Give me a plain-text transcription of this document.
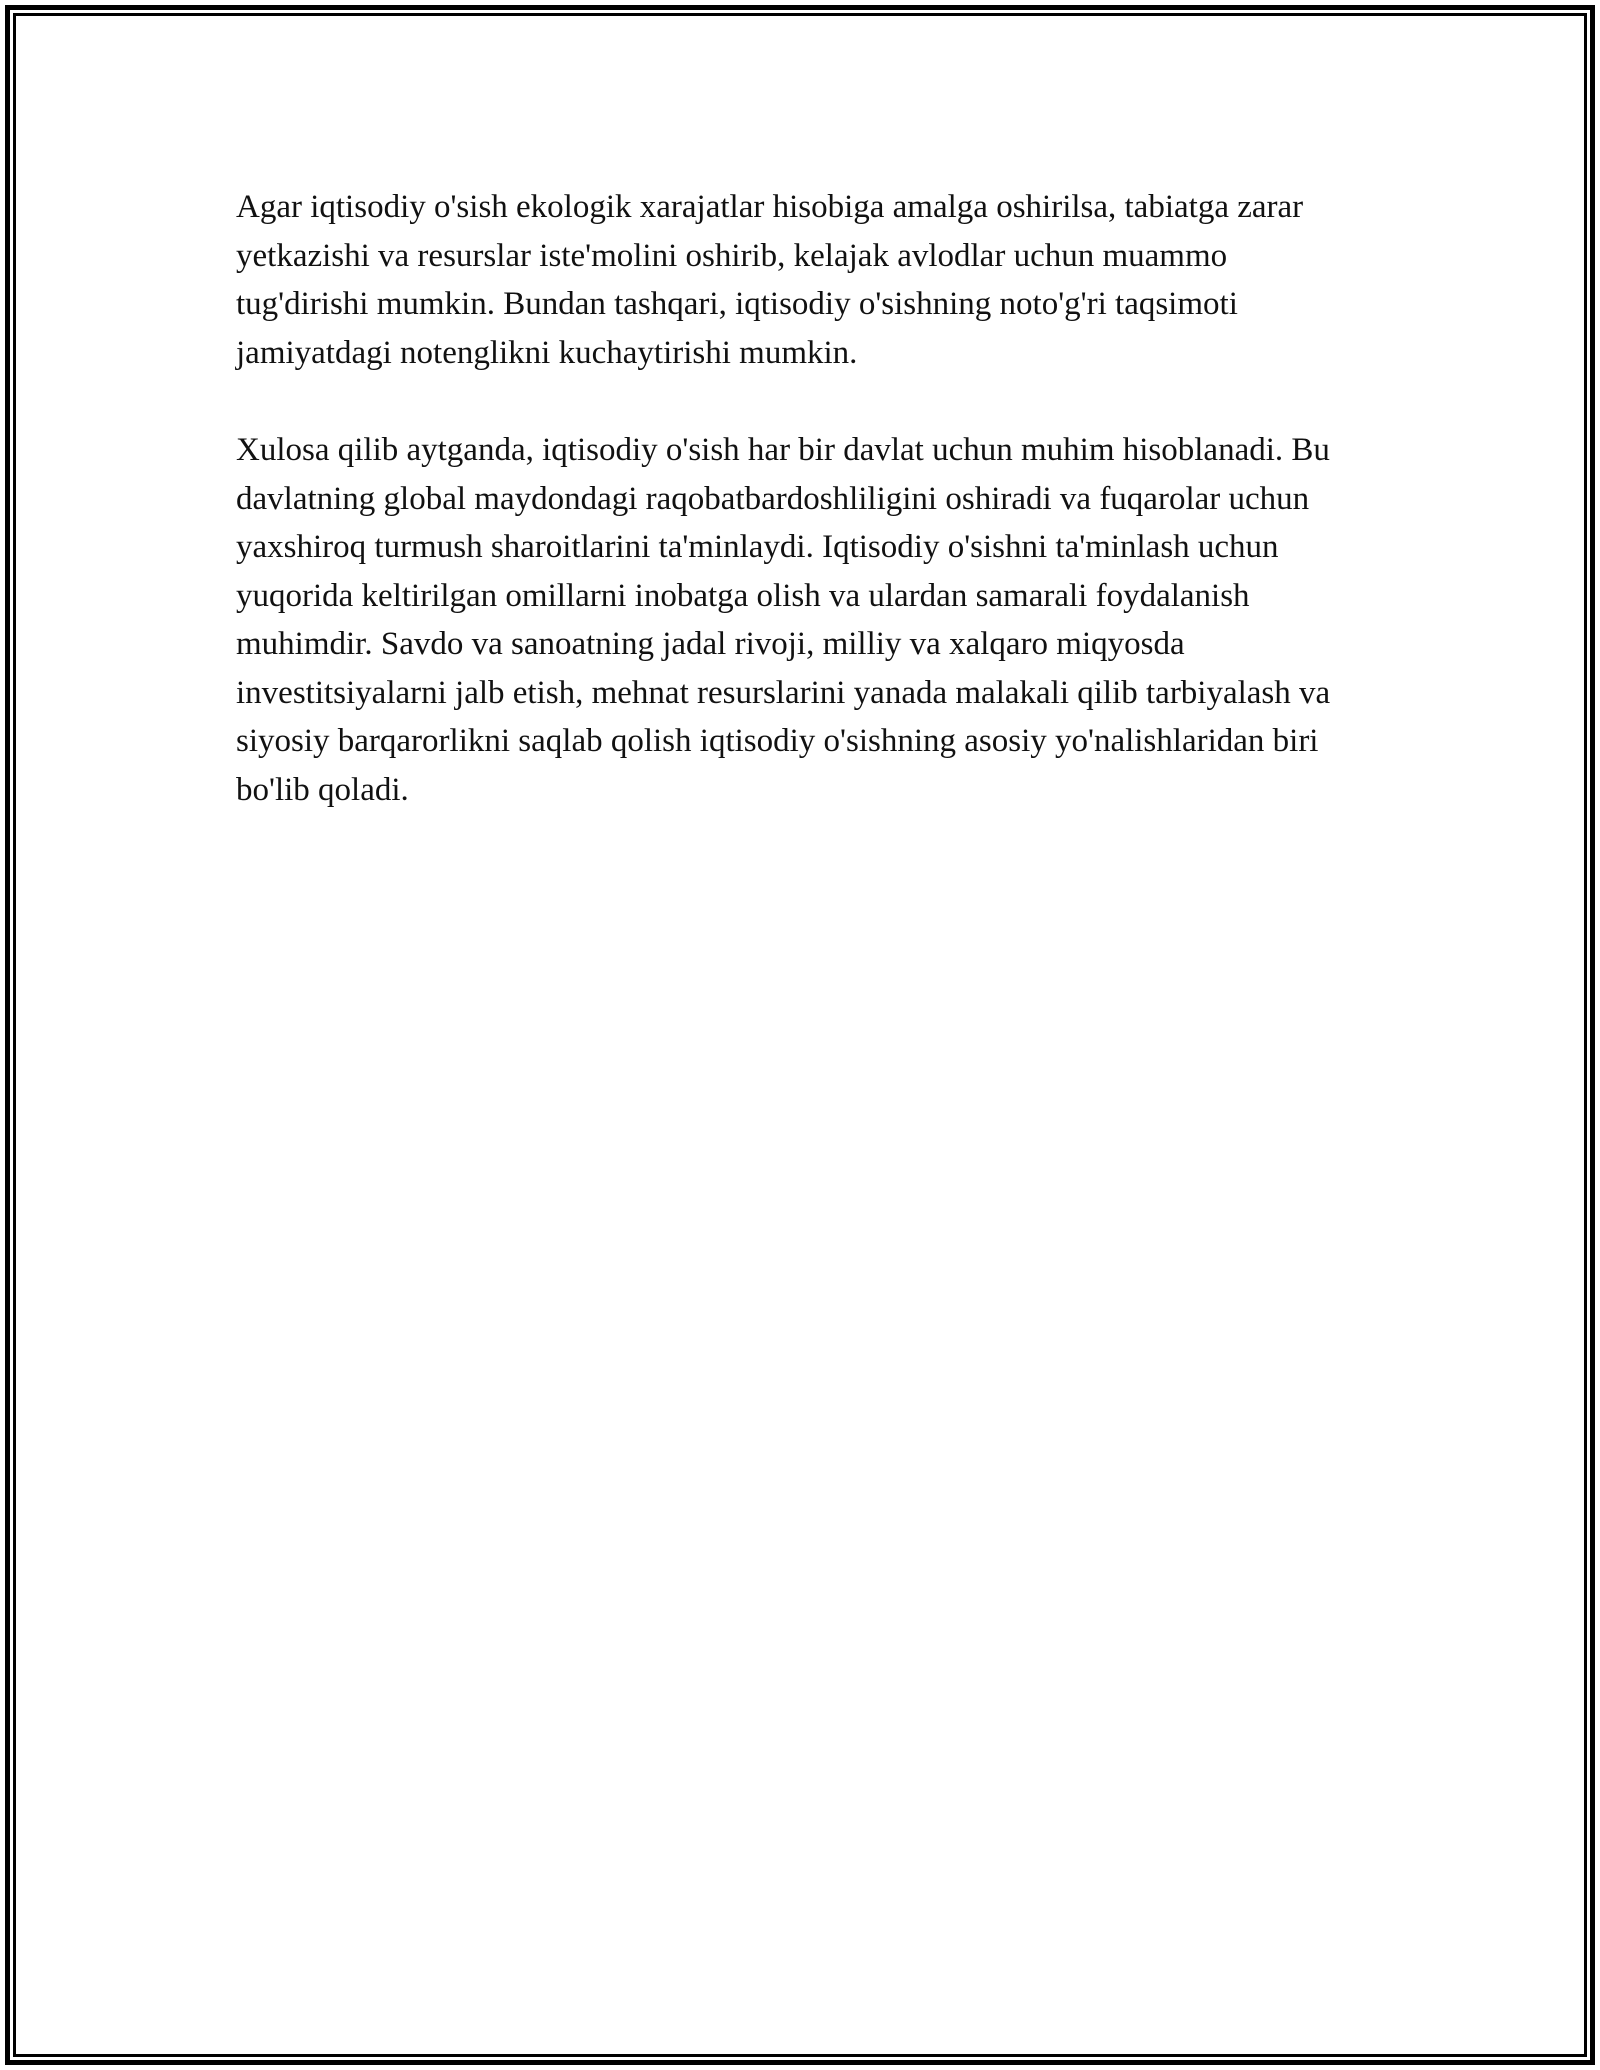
Agar iqtisodiy o'sish ekologik xarajatlar hisobiga amalga oshirilsa, tabiatga zarar yetkazishi va resurslar iste'molini oshirib, kelajak avlodlar uchun muammo tug'dirishi mumkin. Bundan tashqari, iqtisodiy o'sishning noto'g'ri taqsimoti jamiyatdagi notenglikni kuchaytirishi mumkin.

Xulosa qilib aytganda, iqtisodiy o'sish har bir davlat uchun muhim hisoblanadi. Bu davlatning global maydondagi raqobatbardoshliligini oshiradi va fuqarolar uchun yaxshiroq turmush sharoitlarini ta'minlaydi. Iqtisodiy o'sishni ta'minlash uchun yuqorida keltirilgan omillarni inobatga olish va ulardan samarali foydalanish muhimdir. Savdo va sanoatning jadal rivoji, milliy va xalqaro miqyosda investitsiyalarni jalb etish, mehnat resurslarini yanada malakali qilib tarbiyalash va siyosiy barqarorlikni saqlab qolish iqtisodiy o'sishning asosiy yo'nalishlaridan biri bo'lib qoladi.
